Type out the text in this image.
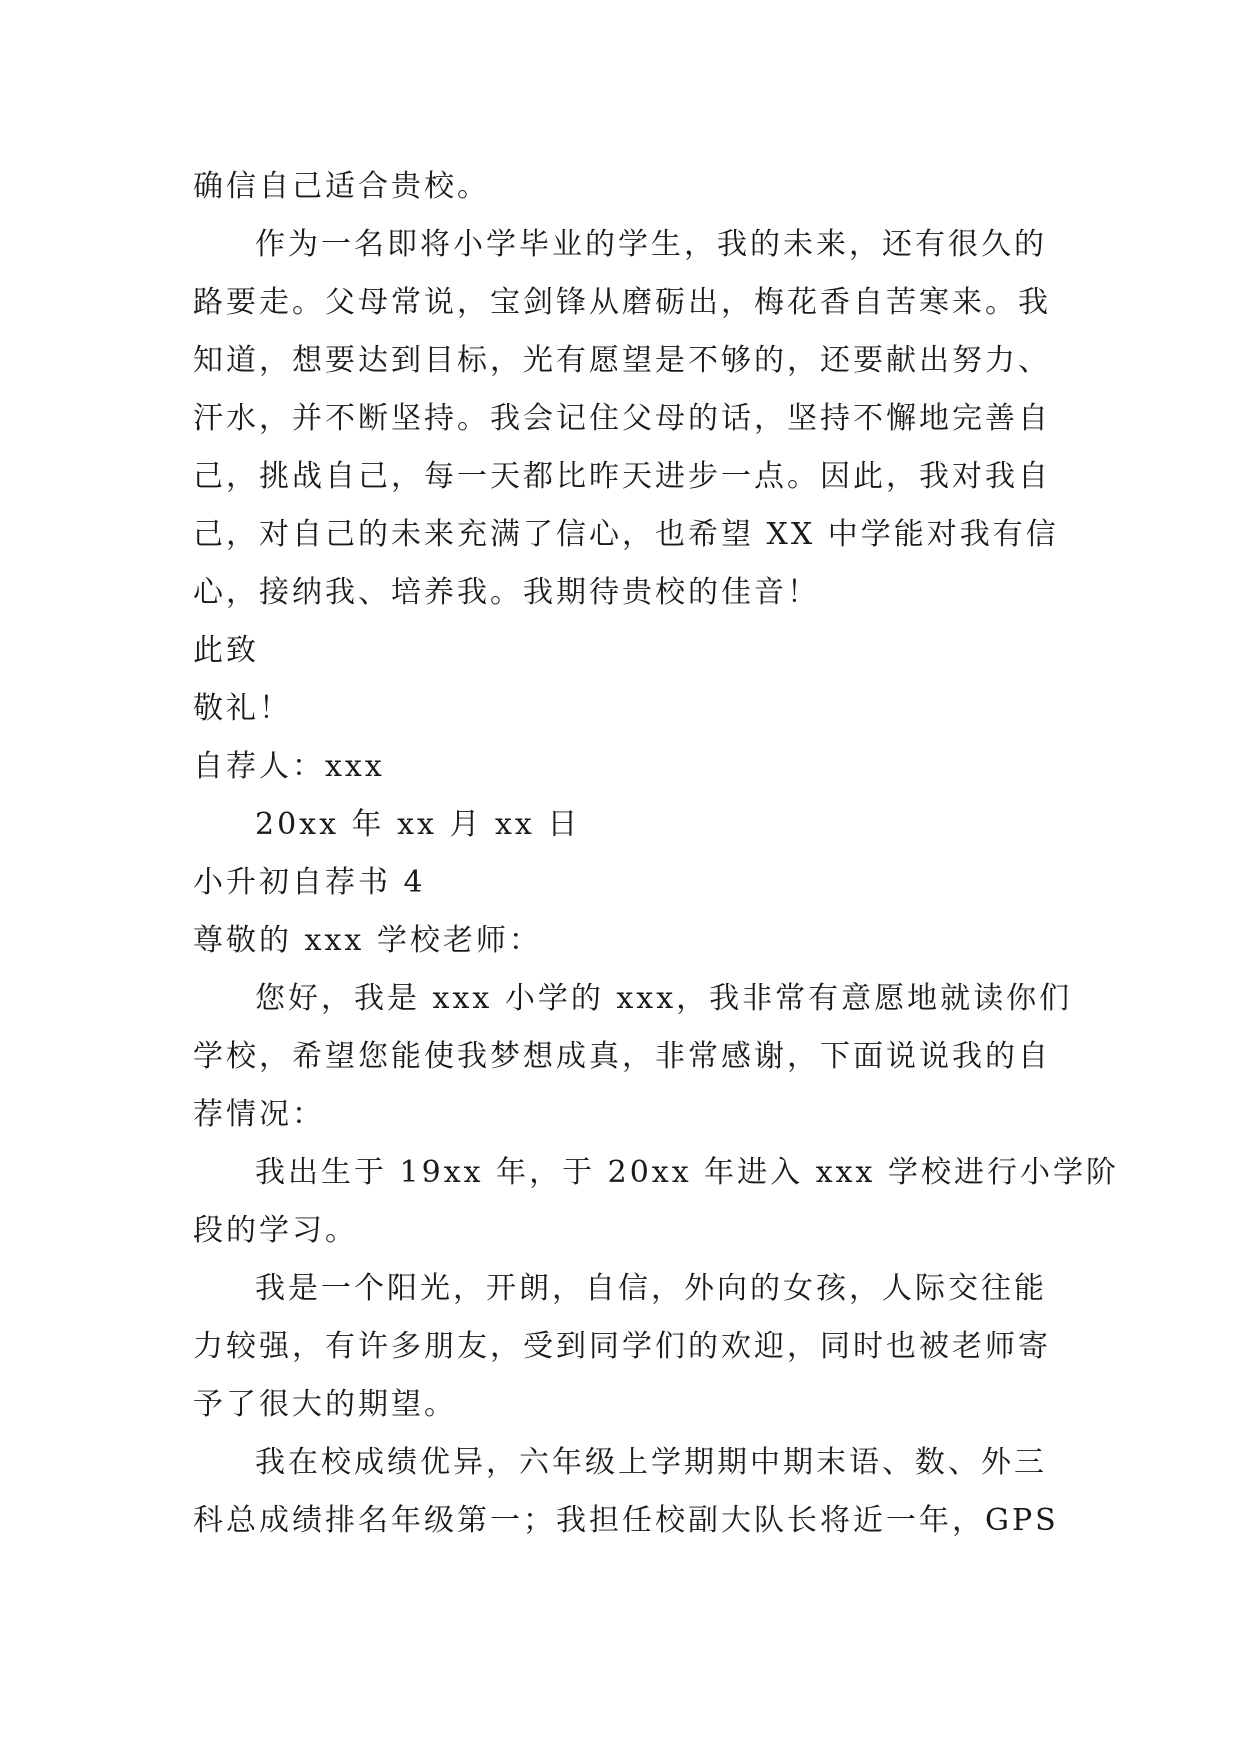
确信自己适合贵校。
作为一名即将小学毕业的学生，我的未来，还有很久的
路要走。父母常说，宝剑锋从磨砺出，梅花香自苦寒来。我
知道，想要达到目标，光有愿望是不够的，还要献出努力、
汗水，并不断坚持。我会记住父母的话，坚持不懈地完善自
己，挑战自己，每一天都比昨天进步一点。因此，我对我自
己，对自己的未来充满了信心，也希望 XX 中学能对我有信
心，接纳我、培养我。我期待贵校的佳音！
此致
敬礼！
自荐人：xxx
20xx 年 xx 月 xx 日
小升初自荐书 4
尊敬的 xxx 学校老师：
您好，我是 xxx 小学的 xxx，我非常有意愿地就读你们
学校，希望您能使我梦想成真，非常感谢，下面说说我的自
荐情况：
我出生于 19xx 年，于 20xx 年进入 xxx 学校进行小学阶
段的学习。
我是一个阳光，开朗，自信，外向的女孩，人际交往能
力较强，有许多朋友，受到同学们的欢迎，同时也被老师寄
予了很大的期望。
我在校成绩优异，六年级上学期期中期末语、数、外三
科总成绩排名年级第一；我担任校副大队长将近一年，GPS
